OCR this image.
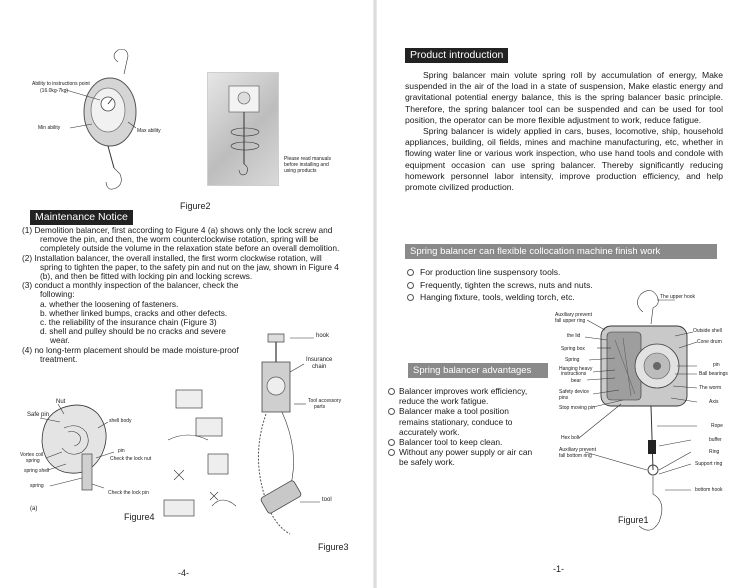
Ability to instructions point
(16.0kg-7kg)
Min ability	Max ability
Please read manuals
before installing and
using products
Figure2
Maintenance Notice

(1) Demolition balancer, first according to Figure 4 (a) shows only the lock screw and remove the pin, and then, the worm counterclockwise rotation, spring will be completely outside the volume in the relaxation state before an overall demolition.

(2) Installation balancer, the overall installed, the first worm clockwise rotation, will spring to tighten the paper, to the safety pin and nut on the jaw, shown in Figure 4 (b), and then be fitted with locking pin and locking screws.

(3) conduct a monthly inspection of the balancer, check the following:

a. whether the loosening of fasteners.

b. whether linked bumps, cracks and other defects.

c. the reliability of the insurance chain (Figure 3)

d. shell and pulley should be no cracks and severe wear.

(4) no long-term placement should be made moisture-proof treatment.

hook
Insurance
chain
Tool accessory
parts
tool
Figure3
Nut
Safe pin
shell body
Vortex coil
spring
spring shell
pin
Check the lock nut
spring
Check the lock pin
(a)
Figure4
-4-
Product introduction

Spring balancer main volute spring roll by accumulation of energy, Make suspended in the air of the load in a state of suspension, Make elastic energy and gravitational potential energy balance, this is the spring balancer basic principle. Therefore, the spring balancer tool can be suspended and can be used for tool position, the operator can be more flexible adjustment to work, reduce fatigue.

Spring balancer is widely applied in cars, buses, locomotive, ship, household appliances, building, oil fields, mines and machine manufacturing, etc, whether in flowing water line or various work inspection, who use hand tools and condole with equipment occasion can use spring balancer. Thereby significantly reducing homework personnel labor intensity, improve production efficiency, and help promote civilized production.

Spring balancer can flexible collocation machine finish work
For production line suspensory tools.
Frequently, tighten the screws, nuts and nuts.
Hanging fixture, tools, welding torch, etc.
Spring balancer advantages
Balancer improves work efficiency, reduce the work fatigue.
Balancer make a tool position remains stationary, conduce to accurately work.
Balancer tool to keep clean.
Without any power supply or air can be safely work.
The upper hook
Auxiliary prevent
fall upper ring
the lid
Spring box
Spring
Hanging heavy
instructions
bear
Safety device
pins
Stop moving pin
Hex bolt
Auxiliary prevent
fall bottom ring
Outside shell
Cone drum
pin
Ball bearings
The worm
Axis
Rope
buffer
Ring
Support ring
bottom hook
Figure1
-1-
